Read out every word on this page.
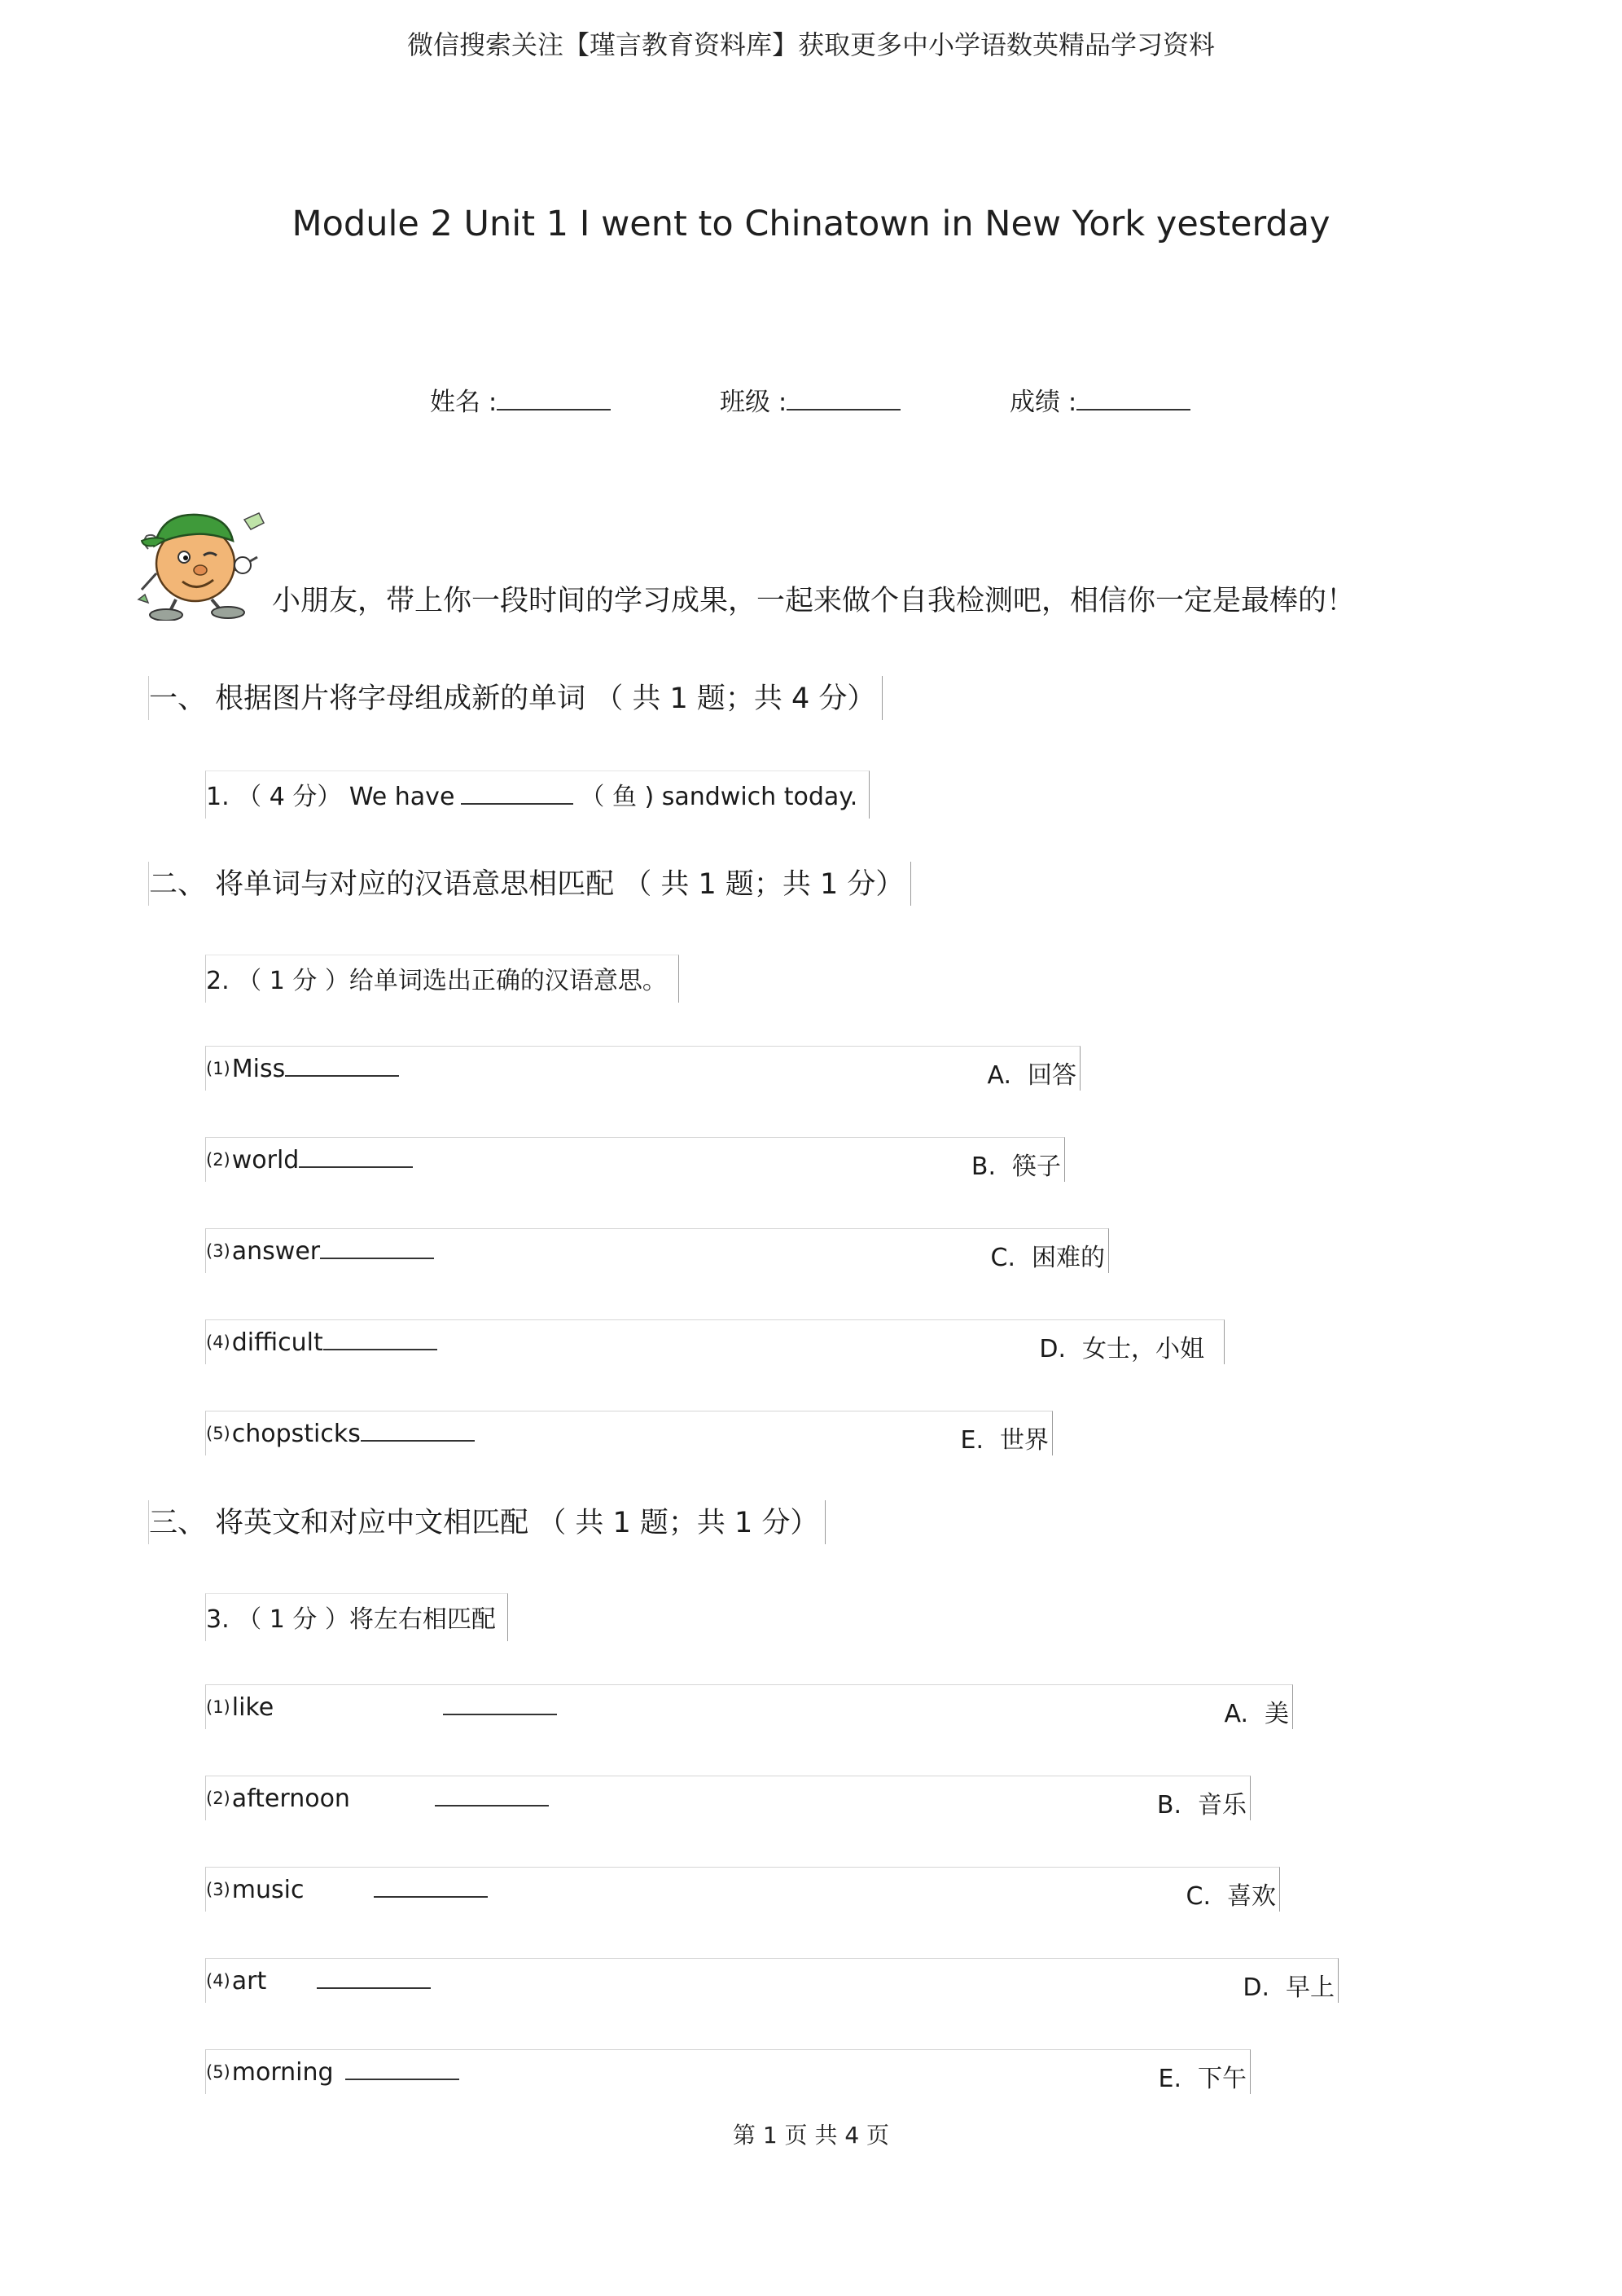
微信搜索关注【瑾言教育资料库】获取更多中小学语数英精品学习资料
Module 2 Unit 1 I went to Chinatown in New York yesterday
姓名 :	班级 :	成绩 :
小朋友，带上你一段时间的学习成果，一起来做个自我检测吧，相信你一定是最棒的！
一、 根据图片将字母组成新的单词 （ 共 1 题；共 4 分）
1. （ 4 分） We have	（ 鱼 ) sandwich today.
二、 将单词与对应的汉语意思相匹配 （ 共 1 题；共 1 分）
2. （ 1 分 ）给单词选出正确的汉语意思。
(1)Miss	A. 回答
(2)world	B. 筷子
(3)answer	C. 困难的
(4)difficult	D. 女士，小姐
(5)chopsticks	E. 世界
三、 将英文和对应中文相匹配 （ 共 1 题；共 1 分）
3. （ 1 分 ）将左右相匹配
(1)like	A. 美
(2)afternoon	B. 音乐
(3)music	C. 喜欢
(4)art	D. 早上
(5)morning	E. 下午
第 1 页 共 4 页
